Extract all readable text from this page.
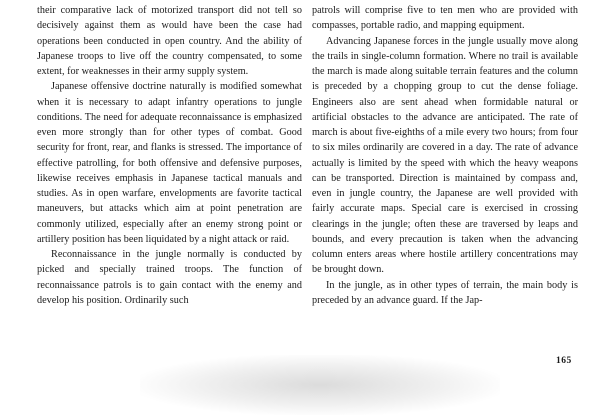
their comparative lack of motorized transport did not tell so decisively against them as would have been the case had operations been conducted in open country. And the ability of Japanese troops to live off the country compensated, to some extent, for weaknesses in their army supply system.

Japanese offensive doctrine naturally is modified somewhat when it is necessary to adapt infantry operations to jungle conditions. The need for adequate reconnaissance is emphasized even more strongly than for other types of combat. Good security for front, rear, and flanks is stressed. The importance of effective patrolling, for both offensive and defensive purposes, likewise receives emphasis in Japanese tactical manuals and studies. As in open warfare, envelopments are favorite tactical maneuvers, but attacks which aim at point penetration are commonly utilized, especially after an enemy strong point or artillery position has been liquidated by a night attack or raid.

Reconnaissance in the jungle normally is conducted by picked and specially trained troops. The function of reconnaissance patrols is to gain contact with the enemy and develop his position. Ordinarily such

patrols will comprise five to ten men who are provided with compasses, portable radio, and mapping equipment.

Advancing Japanese forces in the jungle usually move along the trails in single-column formation. Where no trail is available the march is made along suitable terrain features and the column is preceded by a chopping group to cut the dense foliage. Engineers also are sent ahead when formidable natural or artificial obstacles to the advance are anticipated. The rate of march is about five-eighths of a mile every two hours; from four to six miles ordinarily are covered in a day. The rate of advance actually is limited by the speed with which the heavy weapons can be transported. Direction is maintained by compass and, even in jungle country, the Japanese are well provided with fairly accurate maps. Special care is exercised in crossing clearings in the jungle; often these are traversed by leaps and bounds, and every precaution is taken when the advancing column enters areas where hostile artillery concentrations may be brought down.

In the jungle, as in other types of terrain, the main body is preceded by an advance guard. If the Jap-

165
